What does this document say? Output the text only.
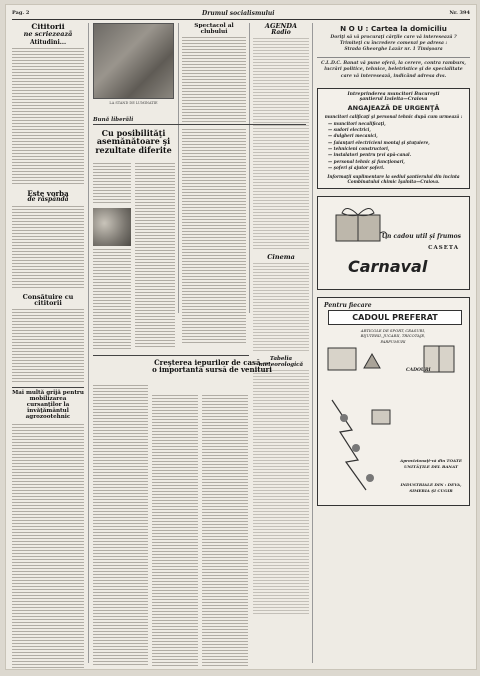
Pag. 2	Drumul socialismului	Nr. 394
Cititorii
ne scriezeazã
Atitudini...
Este vorba
de răspândă
Consătuire cu cititorii
Mai multă grijă pentru mobilizarea cursanţilor la învăţământul agrozootehnic
LA STAND DE LUMINATIE
Bună liberãli
Cu posibilităţi asemănătoare şi rezultate diferite
Spectacol al clubului
AGENDA
Radio
Cinema
Tabelia meteorologică
Creşterea iepurilor de casă — o importantă sursă de venituri
N O U : Cartea la domiciliu
Doriţi să vă procuraţi cărţile care vă interesează ?
Trimiteţi cu încredere comenzi pe adresa :
Strada Gheorghe Lazăr nr. 1 Timişoara
C.L.D.C. Banat vă pune oferă, la cerere, contra ramburs, lucrări politice, tehnice, beletristice şi de specialitate care vă interesează, indicând adresa dvs.
Intreprinderea muncitori Bucureşti
şantierul Izsleita—Craiova
ANGAJEAZĂ DE URGENŢĂ
muncitori calificaţi şi personal tehnic după cum urmează :
— muncitori necalificaţi,
— sudori electrici,
— dulgheri mecanici,
— faianţari electricieni montaj şi ştuţuiere,
— tehnicieni constructori,
— instalatori pentru ţevi apă-canal.
— personal tehnic şi funcţionari,
— şoferi şi ajutor şoferi.
Informaţii suplimentare la sediul şantierului din incinta Combinatului chimic Işalnita—Craiova.
Un cadou util şi frumos
CASETA
Carnaval
Pentru fiecare
CADOUL PREFERAT
ARTICOLE DE SPORT, CEASURI, BIJUTERII, JUCARII, TRICOTAJE, PARFUMURI
CADOURI
Aprovizionaţi-vă din TOATE UNITĂŢILE DEL BANAT
INDUSTRIALE DIN : DEVA, SIMERIA ŞI CUGIR
